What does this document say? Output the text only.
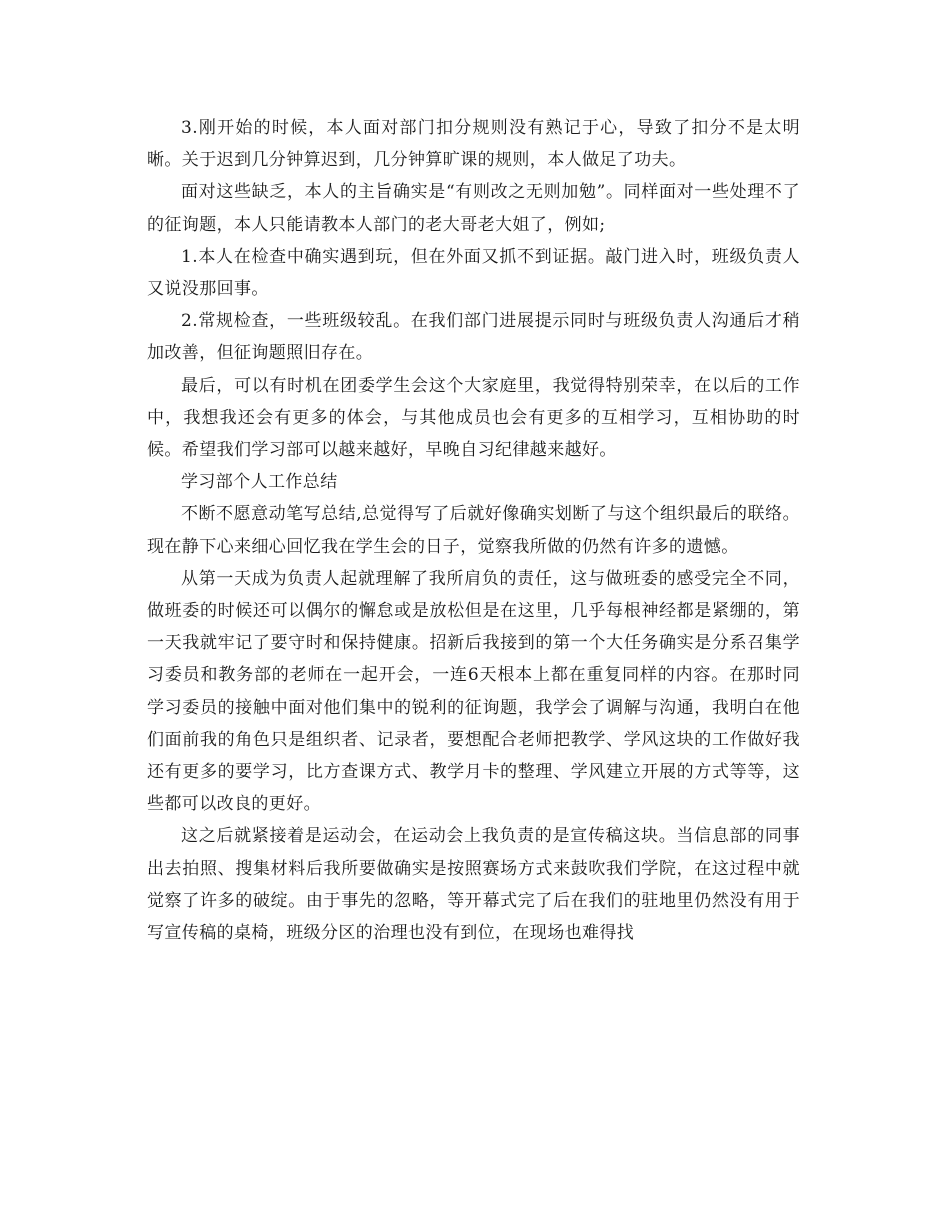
3.刚开始的时候，本人面对部门扣分规则没有熟记于心，导致了扣分不是太明晰。关于迟到几分钟算迟到，几分钟算旷课的规则，本人做足了功夫。

面对这些缺乏，本人的主旨确实是“有则改之无则加勉”。同样面对一些处理不了的征询题，本人只能请教本人部门的老大哥老大姐了，例如;

1.本人在检查中确实遇到玩，但在外面又抓不到证据。敲门进入时，班级负责人又说没那回事。

2.常规检查，一些班级较乱。在我们部门进展提示同时与班级负责人沟通后才稍加改善，但征询题照旧存在。

最后，可以有时机在团委学生会这个大家庭里，我觉得特别荣幸，在以后的工作中，我想我还会有更多的体会，与其他成员也会有更多的互相学习，互相协助的时候。希望我们学习部可以越来越好，早晚自习纪律越来越好。

学习部个人工作总结

不断不愿意动笔写总结,总觉得写了后就好像确实划断了与这个组织最后的联络。现在静下心来细心回忆我在学生会的日子，觉察我所做的仍然有许多的遗憾。

从第一天成为负责人起就理解了我所肩负的责任，这与做班委的感受完全不同，做班委的时候还可以偶尔的懈怠或是放松但是在这里，几乎每根神经都是紧绷的，第一天我就牢记了要守时和保持健康。招新后我接到的第一个大任务确实是分系召集学习委员和教务部的老师在一起开会，一连6天根本上都在重复同样的内容。在那时同学习委员的接触中面对他们集中的锐利的征询题，我学会了调解与沟通，我明白在他们面前我的角色只是组织者、记录者，要想配合老师把教学、学风这块的工作做好我还有更多的要学习，比方查课方式、教学月卡的整理、学风建立开展的方式等等，这些都可以改良的更好。

这之后就紧接着是运动会，在运动会上我负责的是宣传稿这块。当信息部的同事出去拍照、搜集材料后我所要做确实是按照赛场方式来鼓吹我们学院，在这过程中就觉察了许多的破绽。由于事先的忽略，等开幕式完了后在我们的驻地里仍然没有用于写宣传稿的桌椅，班级分区的治理也没有到位，在现场也难得找
